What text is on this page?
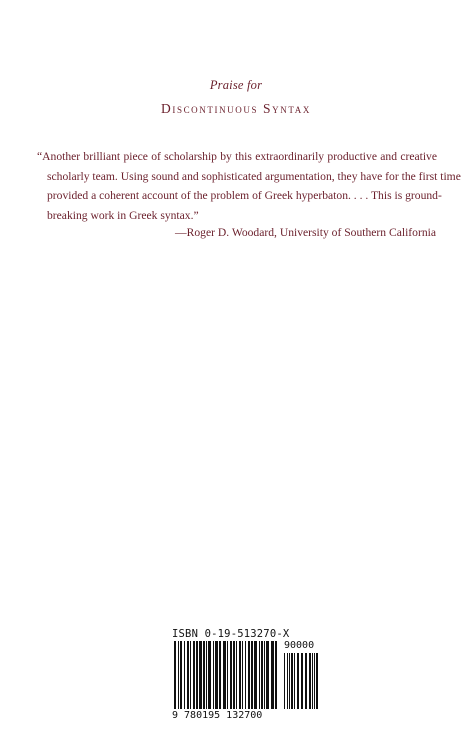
Praise for
Discontinuous Syntax

“Another brilliant piece of scholarship by this extraordinarily productive and creative
scholarly team. Using sound and sophisticated argumentation, they have for the first time
provided a coherent account of the problem of Greek hyperbaton. . . . This is ground-
breaking work in Greek syntax.”

—Roger D. Woodard, University of Southern California
ISBN 0-19-513270-X
90000
9 780195 132700
